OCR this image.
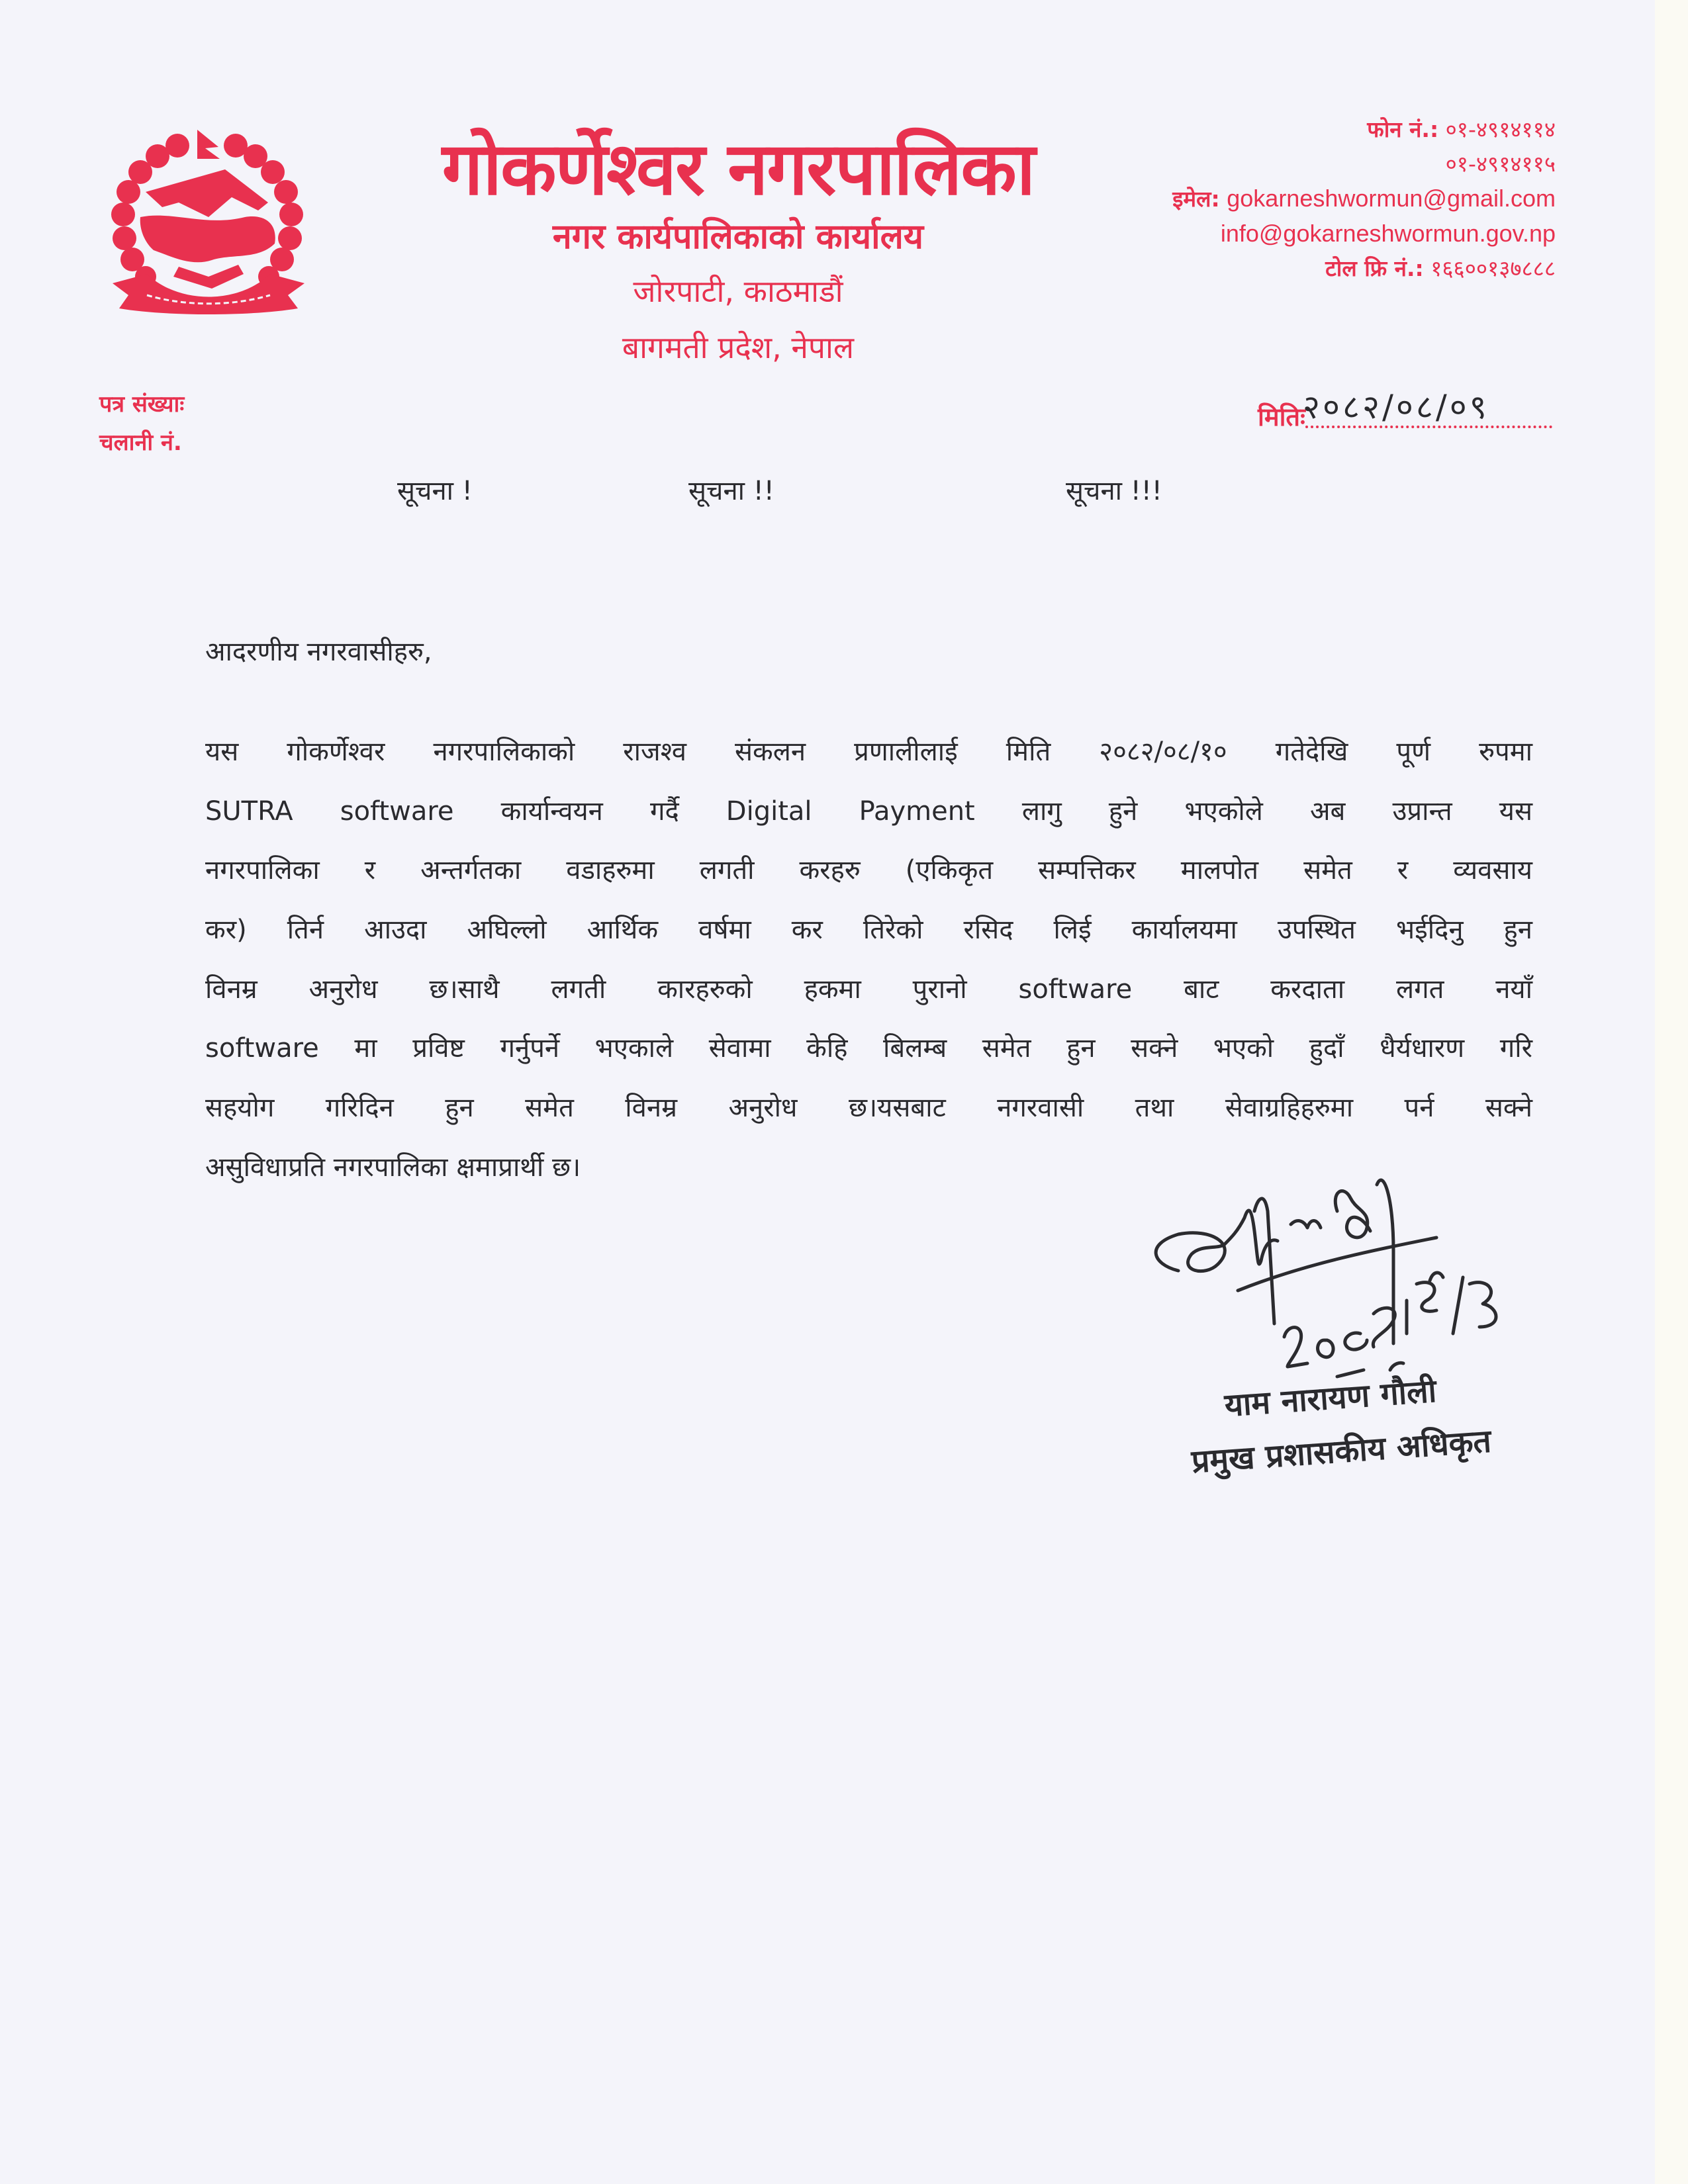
गोकर्णेश्वर नगरपालिका
नगर कार्यपालिकाको कार्यालय
जोरपाटी, काठमाडौं
बागमती प्रदेश, नेपाल
फोन नं.: ०१-४९१४११४
०१-४९१४११५
इमेल: gokarneshwormun@gmail.com
info@gokarneshwormun.gov.np
टोल फ्रि नं.: १६६००१३७८८८
पत्र संख्याः
चलानी नं.
मितिः
२०८२/०८/०९
सूचना !	सूचना !!	सूचना !!!
आदरणीय नगरवासीहरु,
यस गोकर्णेश्वर नगरपालिकाको राजश्व संकलन प्रणालीलाई मिति २०८२/०८/१० गतेदेखि पूर्ण रुपमा
SUTRA software कार्यान्वयन गर्दै Digital Payment लागु हुने भएकोले अब उप्रान्त यस
नगरपालिका र अन्तर्गतका वडाहरुमा लगती करहरु (एकिकृत सम्पत्तिकर मालपोत समेत र व्यवसाय
कर) तिर्न आउदा अघिल्लो आर्थिक वर्षमा कर तिरेको रसिद लिई कार्यालयमा उपस्थित भईदिनु हुन
विनम्र अनुरोध छ।साथै लगती कारहरुको हकमा पुरानो software बाट करदाता लगत नयाँ
software मा प्रविष्ट गर्नुपर्ने भएकाले सेवामा केहि बिलम्ब समेत हुन सक्ने भएको हुदाँ धैर्यधारण गरि
सहयोग गरिदिन हुन समेत विनम्र अनुरोध छ।यसबाट नगरवासी तथा सेवाग्रहिहरुमा पर्न सक्ने
असुविधाप्रति नगरपालिका क्षमाप्रार्थी छ।
याम नारायण गौली
प्रमुख प्रशासकीय अधिकृत
